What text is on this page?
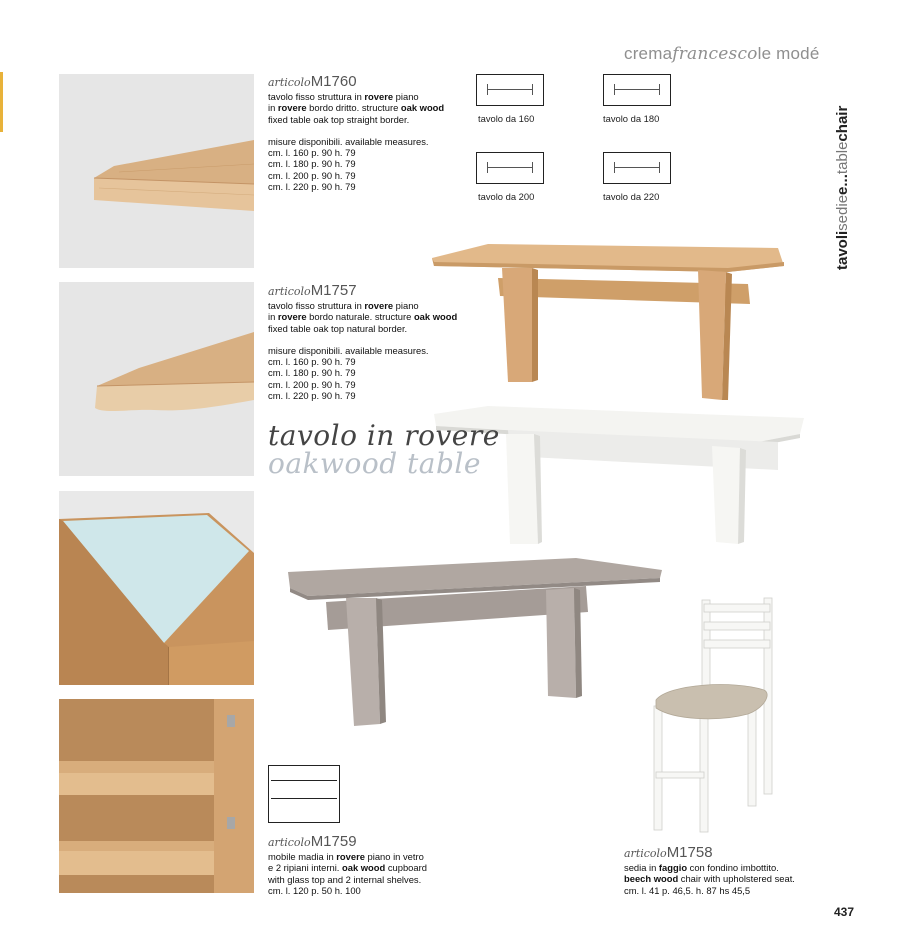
cremafrancescole modé
tavolisediee...tablechair
articoloM1760

tavolo fisso struttura in rovere piano

in rovere bordo dritto. structure oak wood

fixed table oak top straight border.

misure disponibili. available measures.

cm. l. 160 p. 90 h. 79

cm. l. 180 p. 90 h. 79

cm. l. 200 p. 90 h. 79

cm. l. 220 p. 90 h. 79

articoloM1757

tavolo fisso struttura in rovere piano

in rovere bordo naturale. structure oak wood

fixed table oak top natural border.

misure disponibili. available measures.

cm. l. 160 p. 90 h. 79

cm. l. 180 p. 90 h. 79

cm. l. 200 p. 90 h. 79

cm. l. 220 p. 90 h. 79

tavolo da 160	tavolo da 180
tavolo da 200	tavolo da 220
tavolo in rovere
oakwood table
articoloM1759

mobile madia in rovere piano in vetro

e 2 ripiani interni. oak wood cupboard

with glass top and 2 internal shelves.

cm. l. 120 p. 50 h. 100

articoloM1758

sedia in faggio con fondino imbottito.

beech wood chair with upholstered seat.

cm. l. 41 p. 46,5. h. 87 hs 45,5

437
